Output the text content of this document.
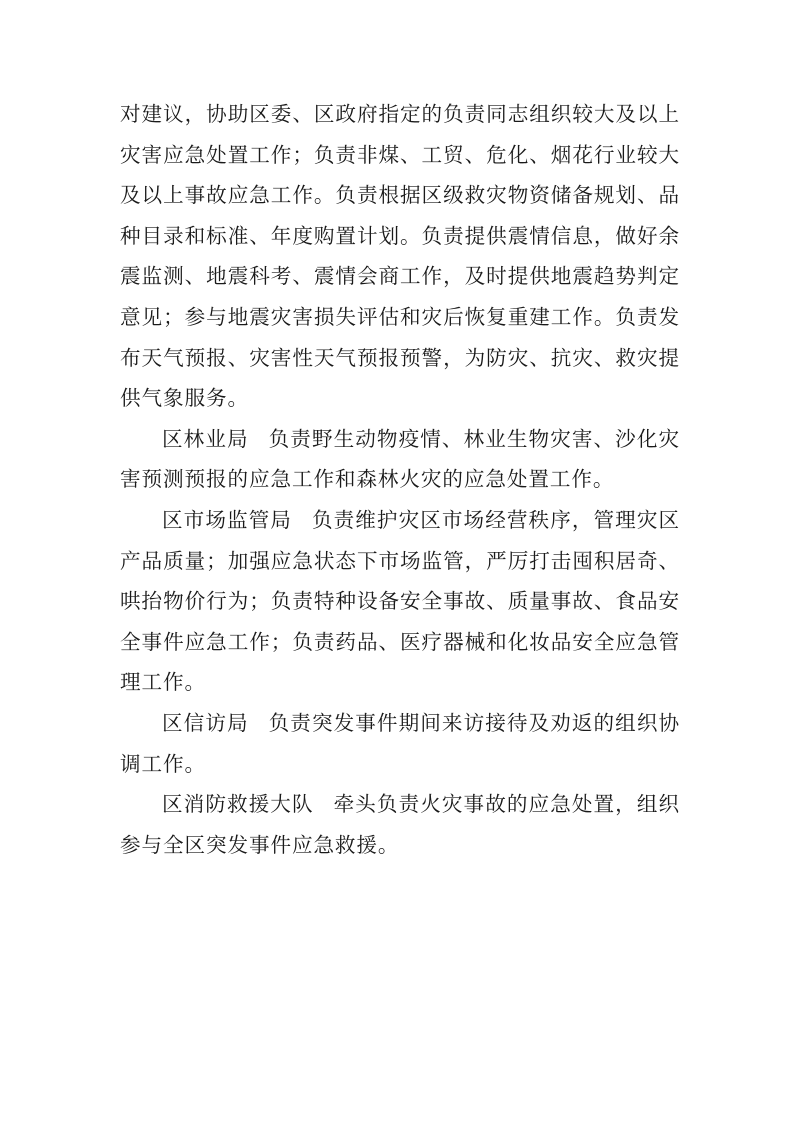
对建议，协助区委、区政府指定的负责同志组织较大及以上灾害应急处置工作；负责非煤、工贸、危化、烟花行业较大及以上事故应急工作。负责根据区级救灾物资储备规划、品种目录和标准、年度购置计划。负责提供震情信息，做好余震监测、地震科考、震情会商工作，及时提供地震趋势判定意见；参与地震灾害损失评估和灾后恢复重建工作。负责发布天气预报、灾害性天气预报预警，为防灾、抗灾、救灾提供气象服务。

区林业局 负责野生动物疫情、林业生物灾害、沙化灾害预测预报的应急工作和森林火灾的应急处置工作。

区市场监管局 负责维护灾区市场经营秩序，管理灾区产品质量；加强应急状态下市场监管，严厉打击囤积居奇、哄抬物价行为；负责特种设备安全事故、质量事故、食品安全事件应急工作；负责药品、医疗器械和化妆品安全应急管理工作。

区信访局 负责突发事件期间来访接待及劝返的组织协调工作。

区消防救援大队 牵头负责火灾事故的应急处置，组织参与全区突发事件应急救援。
